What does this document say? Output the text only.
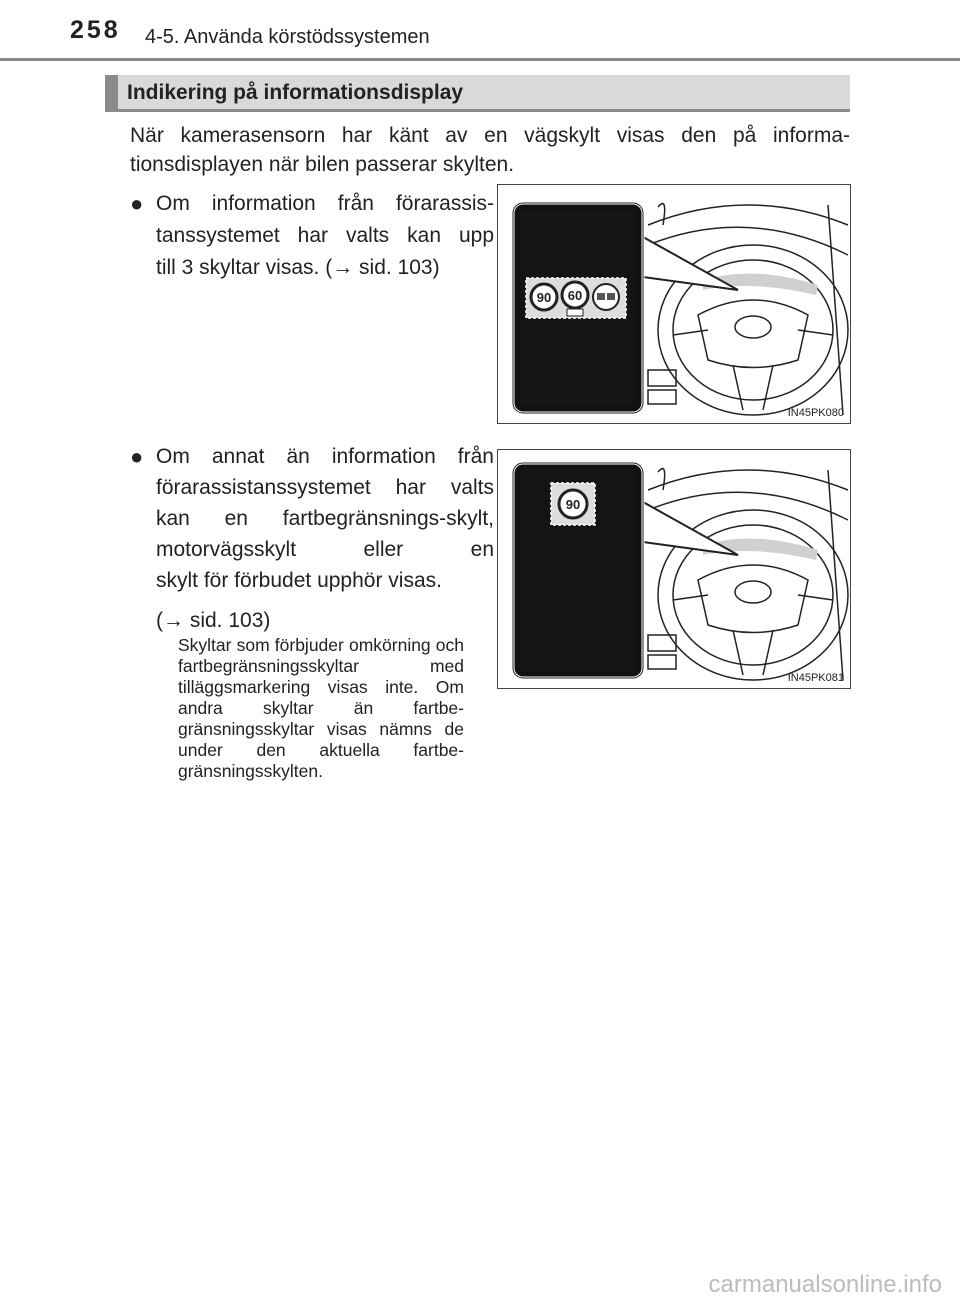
258 4-5. Använda körstödssystemen
Indikering på informationsdisplay
När kamerasensorn har känt av en vägskylt visas den på informa-tionsdisplayen när bilen passerar skylten.
● Om information från förarassis-tanssystemet har valts kan upp
till 3 skyltar visas. (→ sid. 103)
● Om annat än information från förarassistanssystemet har valts kan en fartbegränsnings-skylt, motorvägsskylt eller en
skylt för förbudet upphör visas.
(→ sid. 103)
Skyltar som förbjuder omkörning och fartbegränsningsskyltar med tilläggsmarkering visas inte. Om andra skyltar än fartbe-gränsningsskyltar visas nämns de under den aktuella fartbe-gränsningsskylten.
90 60
IN45PK080
90
IN45PK081
carmanualsonline.info
